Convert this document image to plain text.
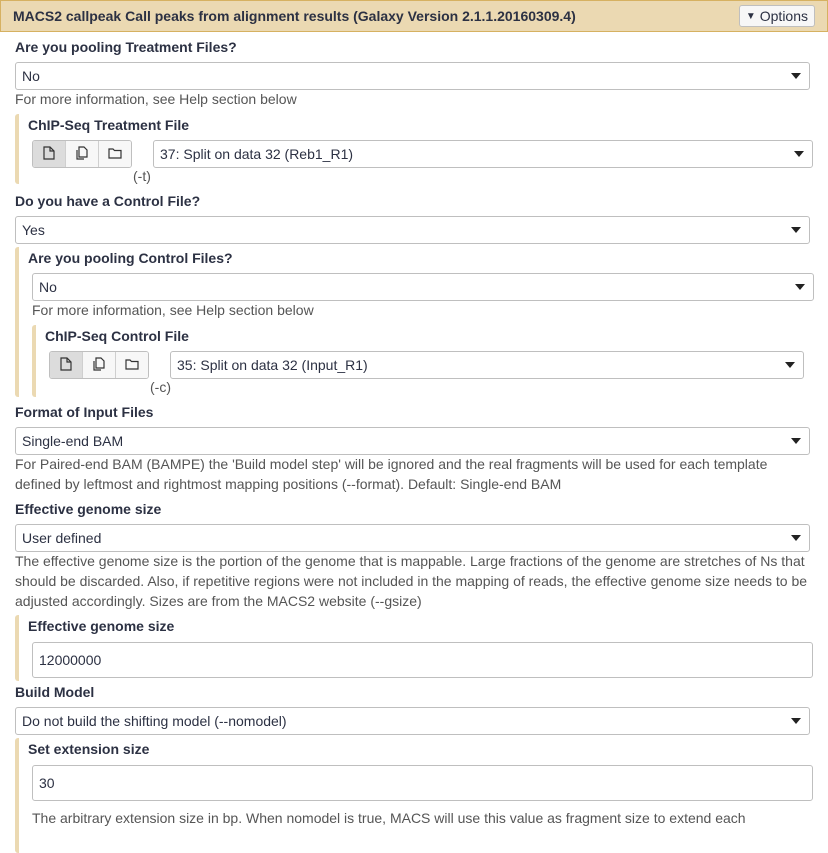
MACS2 callpeak Call peaks from alignment results (Galaxy Version 2.1.1.20160309.4)	▼ Options
Are you pooling Treatment Files?
No
For more information, see Help section below
ChIP-Seq Treatment File
37: Split on data 32 (Reb1_R1)
(-t)
Do you have a Control File?
Yes
Are you pooling Control Files?
No
For more information, see Help section below
ChIP-Seq Control File
35: Split on data 32 (Input_R1)
(-c)
Format of Input Files
Single-end BAM
For Paired-end BAM (BAMPE) the 'Build model step' will be ignored and the real fragments will be used for each template defined by leftmost and rightmost mapping positions (--format). Default: Single-end BAM
Effective genome size
User defined
The effective genome size is the portion of the genome that is mappable. Large fractions of the genome are stretches of Ns that should be discarded. Also, if repetitive regions were not included in the mapping of reads, the effective genome size needs to be adjusted accordingly. Sizes are from the MACS2 website (--gsize)
Effective genome size
12000000
Build Model
Do not build the shifting model (--nomodel)
Set extension size
30
The arbitrary extension size in bp. When nomodel is true, MACS will use this value as fragment size to extend each
